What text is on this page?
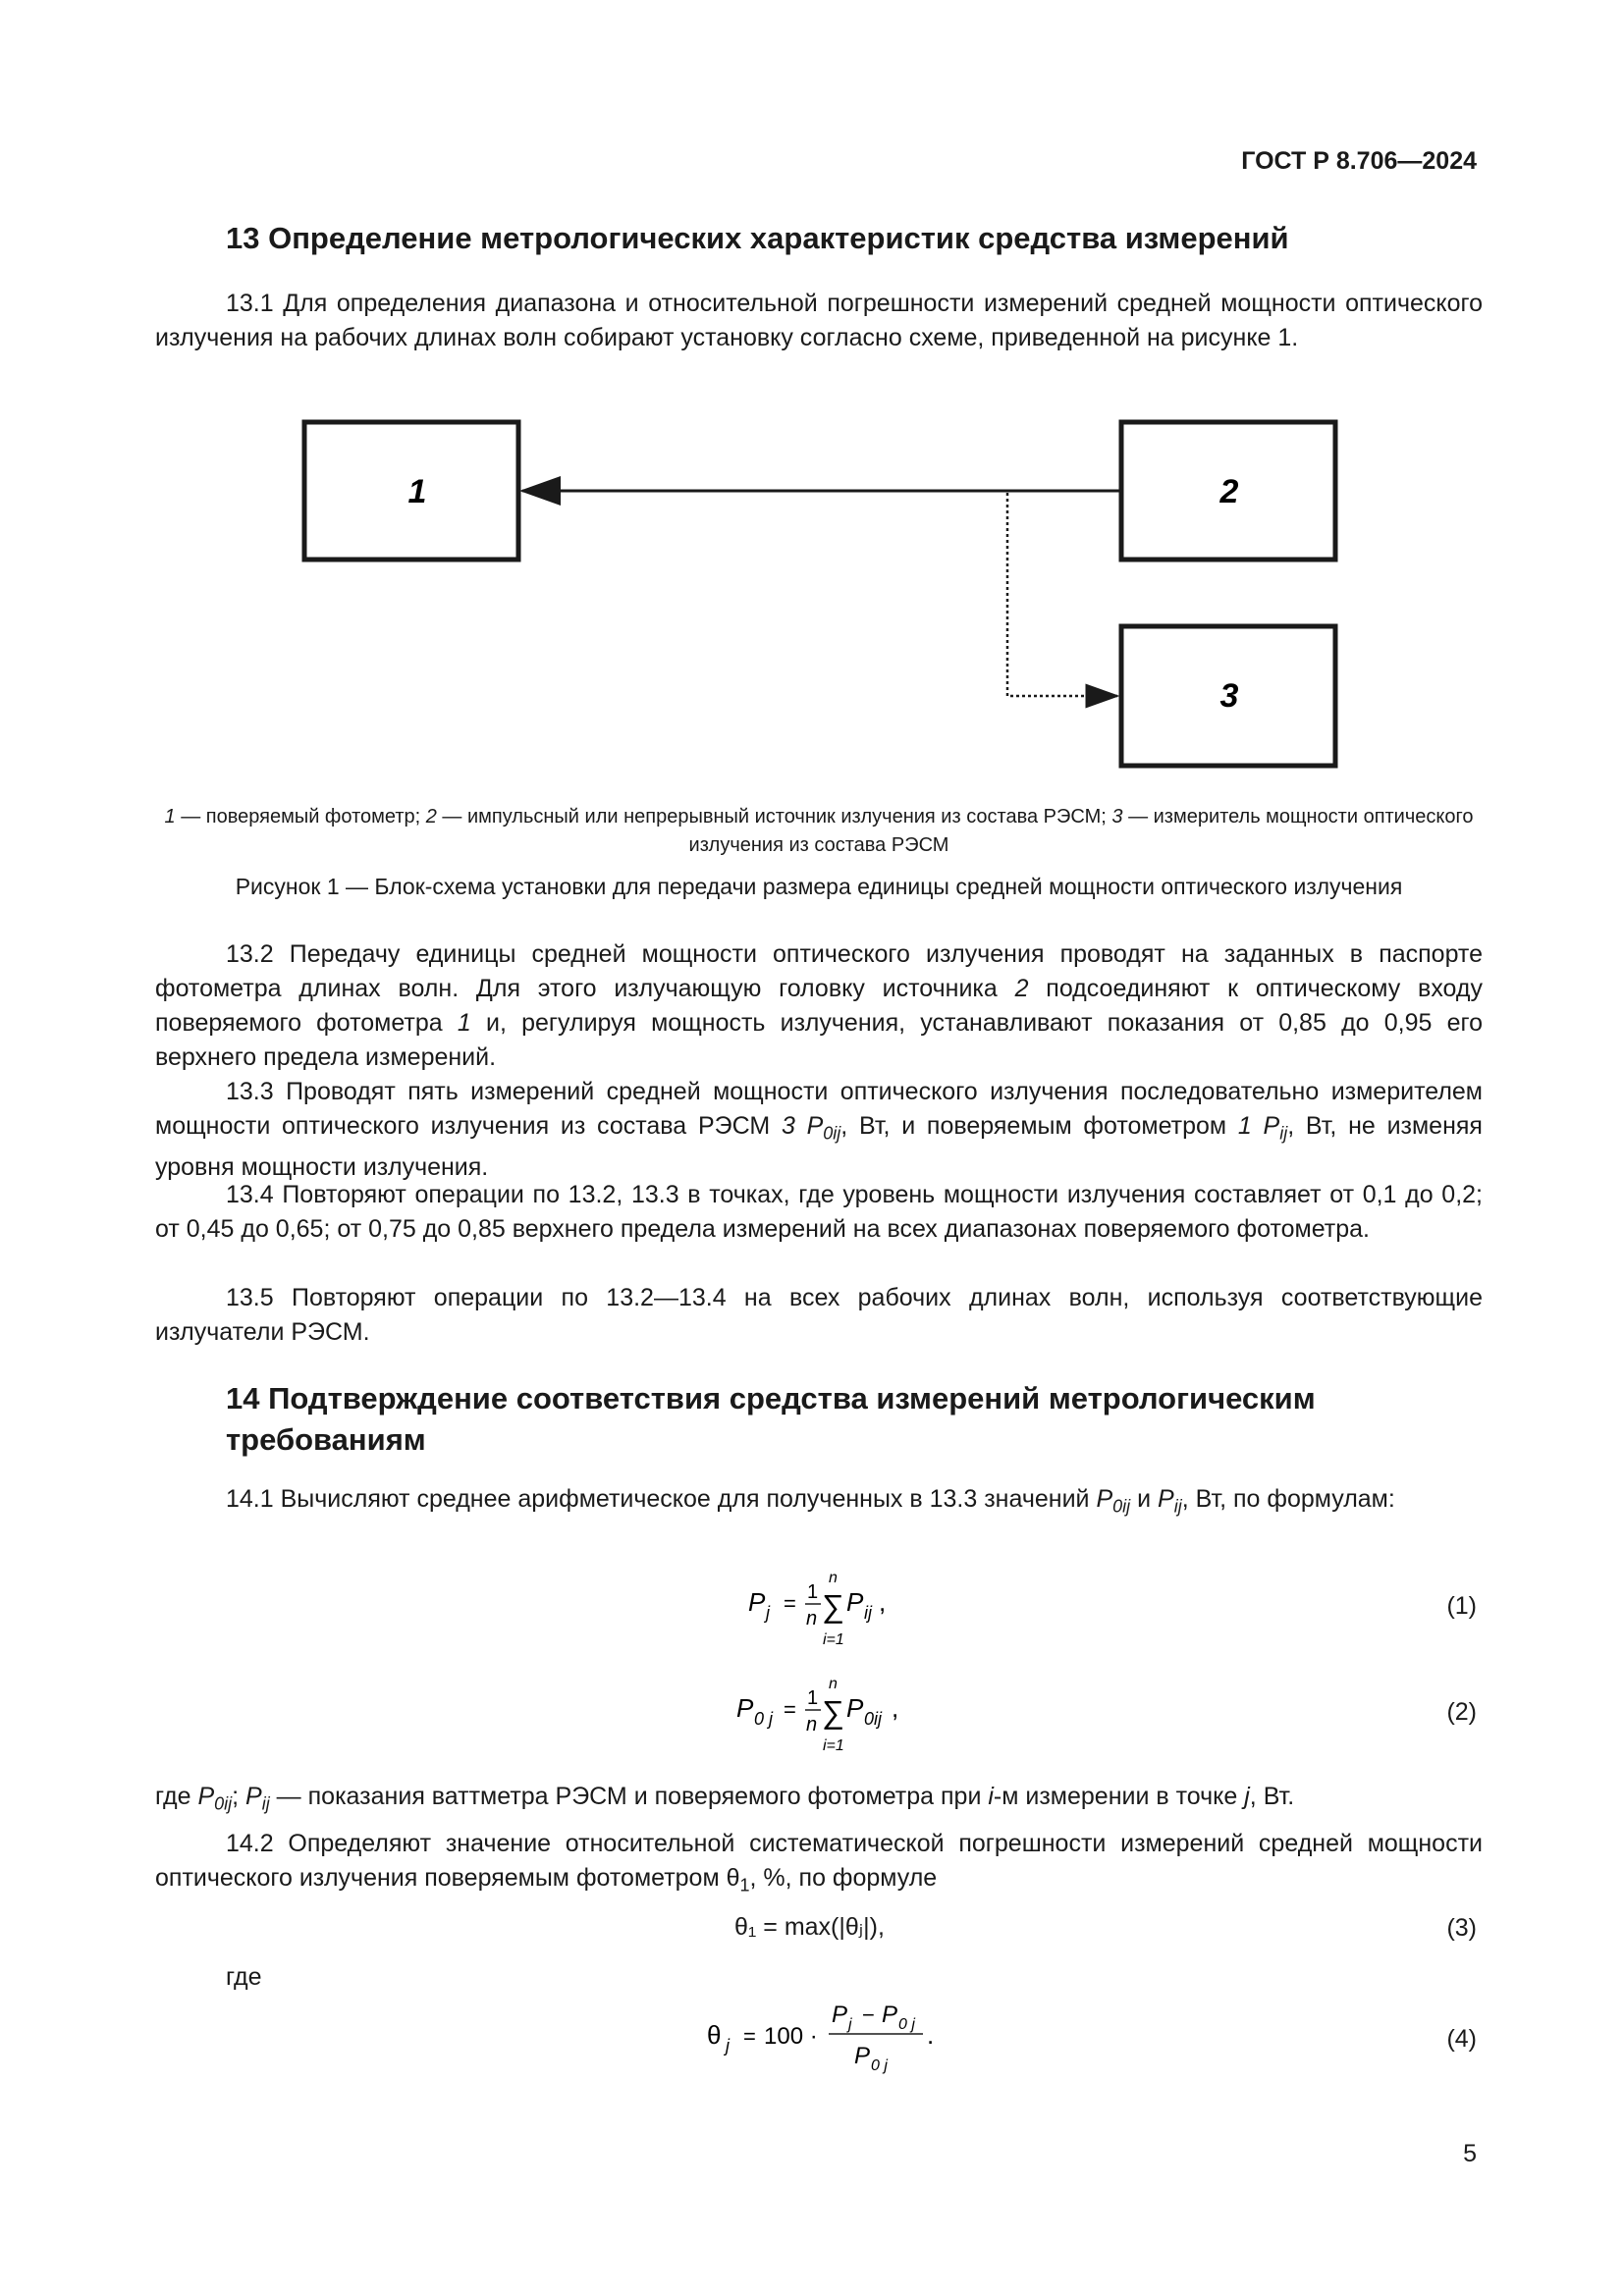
ГОСТ Р 8.706—2024
13 Определение метрологических характеристик средства измерений

13.1 Для определения диапазона и относительной погрешности измерений средней мощности оптического излучения на рабочих длинах волн собирают установку согласно схеме, приведенной на рисунке 1.

1	2
3
1 — поверяемый фотометр; 2 — импульсный или непрерывный источник излучения из состава РЭСМ; 3 — измеритель мощности оптического излучения из состава РЭСМ
Рисунок 1 — Блок-схема установки для передачи размера единицы средней мощности оптического излучения

13.2 Передачу единицы средней мощности оптического излучения проводят на заданных в паспорте фотометра длинах волн. Для этого излучающую головку источника 2 подсоединяют к оптическому входу поверяемого фотометра 1 и, регулируя мощность излучения, устанавливают показания от 0,85 до 0,95 его верхнего предела измерений.

13.3 Проводят пять измерений средней мощности оптического излучения последовательно измерителем мощности оптического излучения из состава РЭСМ 3 $P_{0ij}$, Вт, и поверяемым фотометром 1 $P_{ij}$, Вт, не изменяя уровня мощности излучения.

13.4 Повторяют операции по 13.2, 13.3 в точках, где уровень мощности излучения составляет от 0,1 до 0,2; от 0,45 до 0,65; от 0,75 до 0,85 верхнего предела измерений на всех диапазонах поверяемого фотометра.

13.5 Повторяют операции по 13.2—13.4 на всех рабочих длинах волн, используя соответствующие излучатели РЭСМ.

14 Подтверждение соответствия средства измерений метрологическим требованиям

14.1 Вычисляют среднее арифметическое для полученных в 13.3 значений $P_{0ij}$ и $P_{ij}$, Вт, по формулам:

P j = 1
n
n
∑
i=1
P ij ,	(1)
P 0 j = 1
n
n
∑
i=1
P 0ij ,	(2)

где $P_{0ij}$; $P_{ij}$ — показания ваттметра РЭСМ и поверяемого фотометра при i-м измерении в точке j, Вт.

14.2 Определяют значение относительной систематической погрешности измерений средней мощности оптического излучения поверяемым фотометром $\theta_1$, %, по формуле

θ₁ = max(|θⱼ|),	(3)
где
θ j = 100 ·
P j − P 0 j
P 0 j
.	(4)
5
